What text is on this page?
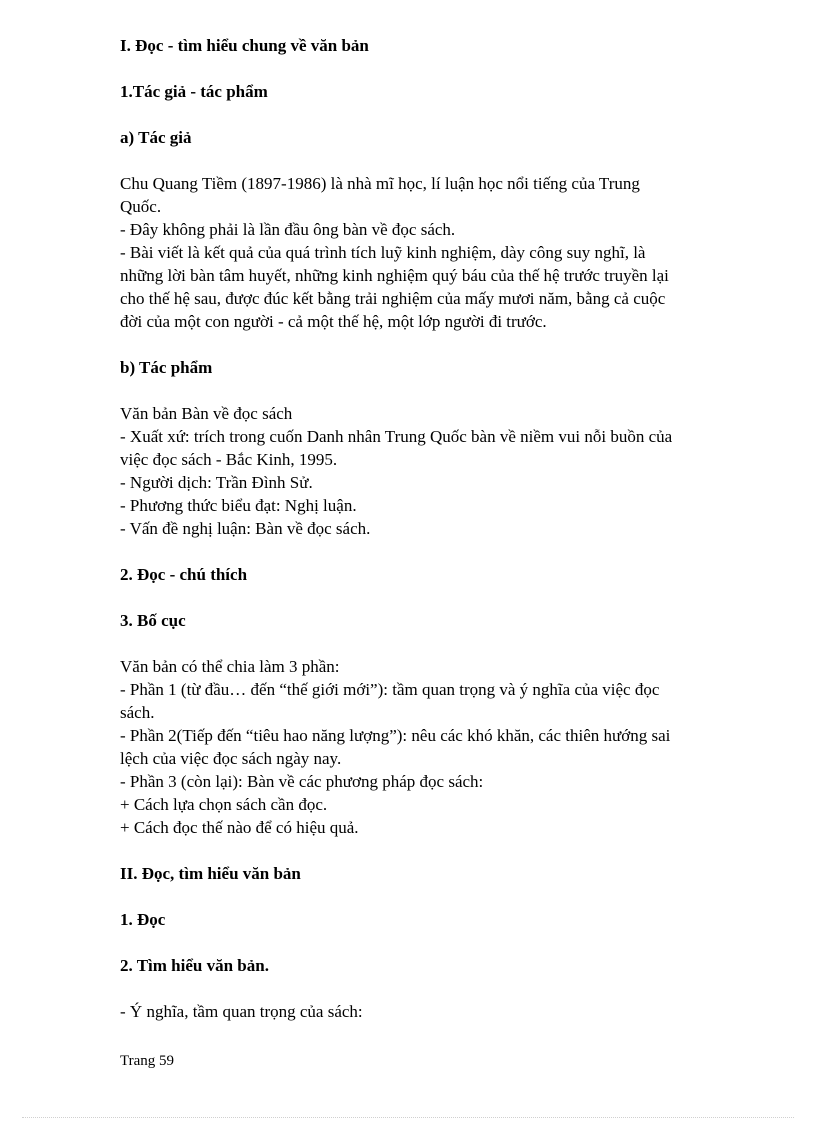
I. Đọc - tìm hiểu chung về văn bản

1.Tác giả - tác phẩm

a) Tác giả

Chu Quang Tiềm (1897-1986) là nhà mĩ học, lí luận học nổi tiếng của Trung

Quốc.

- Đây không phải là lần đầu ông bàn về đọc sách.

- Bài viết là kết quả của quá trình tích luỹ kinh nghiệm, dày công suy nghĩ, là

những lời bàn tâm huyết, những kinh nghiệm quý báu của thế hệ trước truyền lại

cho thế hệ sau, được đúc kết bằng trải nghiệm của mấy mươi năm, bằng cả cuộc

đời của một con người - cả một thế hệ, một lớp người đi trước.

b) Tác phẩm

Văn bản Bàn về đọc sách

- Xuất xứ: trích trong cuốn Danh nhân Trung Quốc bàn về niềm vui nỗi buồn của

việc đọc sách - Bắc Kinh, 1995.

- Người dịch: Trần Đình Sử.

- Phương thức biểu đạt: Nghị luận.

- Vấn đề nghị luận: Bàn về đọc sách.

2. Đọc - chú thích

3. Bố cục

Văn bản có thể chia làm 3 phần:

- Phần 1 (từ đầu… đến “thế giới mới”): tầm quan trọng và ý nghĩa của việc đọc

sách.

- Phần 2(Tiếp đến “tiêu hao năng lượng”): nêu các khó khăn, các thiên hướng sai

lệch của việc đọc sách ngày nay.

- Phần 3 (còn lại): Bàn về các phương pháp đọc sách:

+ Cách lựa chọn sách cần đọc.

+ Cách đọc thế nào để có hiệu quả.

II. Đọc, tìm hiểu văn bản

1. Đọc

2. Tìm hiểu văn bản.

- Ý nghĩa, tầm quan trọng của sách:

Trang 59
